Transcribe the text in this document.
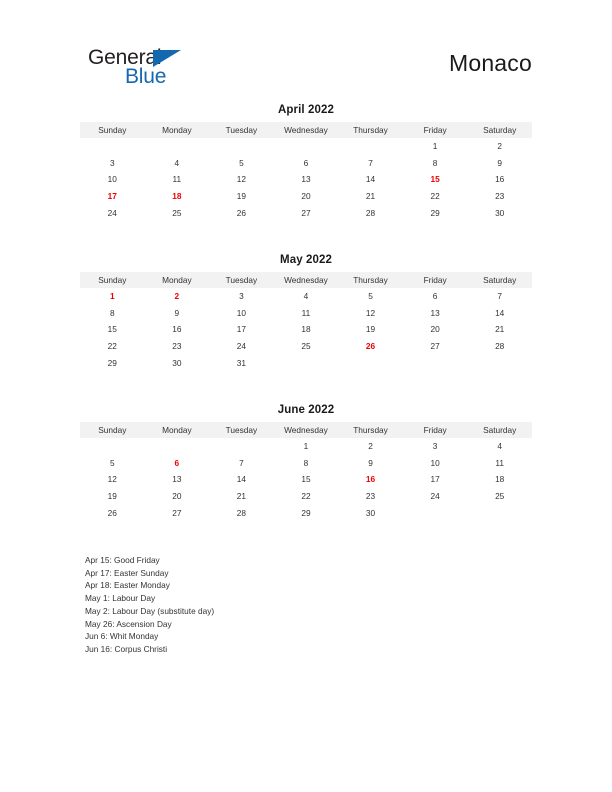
General
Blue
Monaco
April 2022
Sunday	Monday	Tuesday	Wednesday	Thursday	Friday	Saturday
					1	2
3	4	5	6	7	8	9
10	11	12	13	14	15	16
17	18	19	20	21	22	23
24	25	26	27	28	29	30
May 2022
Sunday	Monday	Tuesday	Wednesday	Thursday	Friday	Saturday
1	2	3	4	5	6	7
8	9	10	11	12	13	14
15	16	17	18	19	20	21
22	23	24	25	26	27	28
29	30	31				
June 2022
Sunday	Monday	Tuesday	Wednesday	Thursday	Friday	Saturday
			1	2	3	4
5	6	7	8	9	10	11
12	13	14	15	16	17	18
19	20	21	22	23	24	25
26	27	28	29	30		
Apr 15: Good Friday
Apr 17: Easter Sunday
Apr 18: Easter Monday
May 1: Labour Day
May 2: Labour Day (substitute day)
May 26: Ascension Day
Jun 6: Whit Monday
Jun 16: Corpus Christi
